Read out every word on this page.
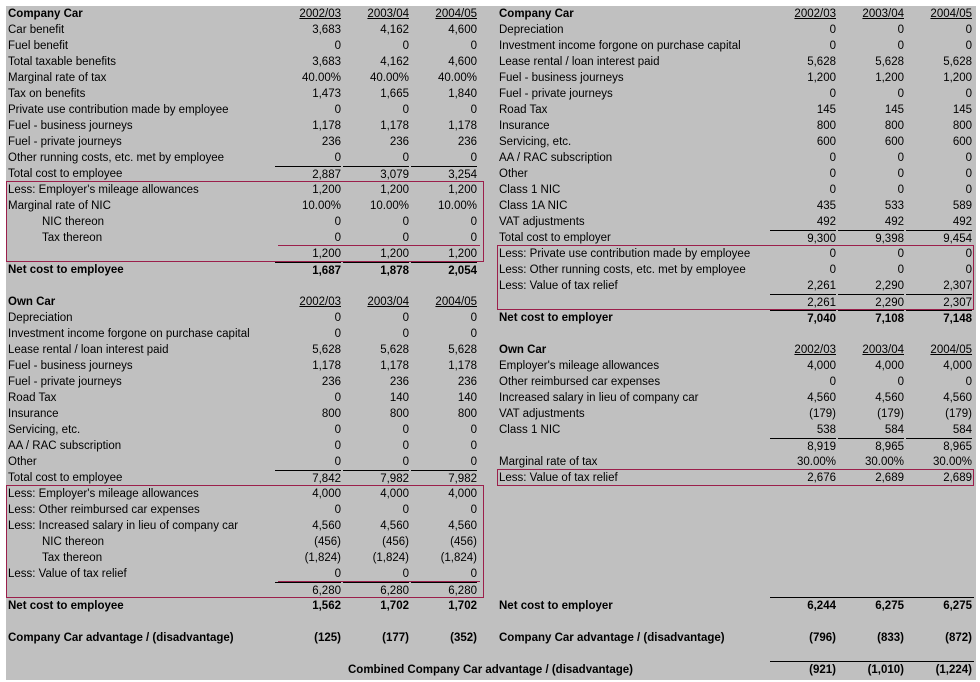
Company Car	2002/03	2003/04	2004/05
Car benefit	3,683	4,162	4,600
Fuel benefit	0	0	0
Total taxable benefits	3,683	4,162	4,600
Marginal rate of tax	40.00%	40.00%	40.00%
Tax on benefits	1,473	1,665	1,840
Private use contribution made by employee	0	0	0
Fuel - business journeys	1,178	1,178	1,178
Fuel - private journeys	236	236	236
Other running costs, etc. met by employee	0	0	0
Total cost to employee	2,887	3,079	3,254
Less: Employer's mileage allowances	1,200	1,200	1,200
Marginal rate of NIC	10.00%	10.00%	10.00%
NIC thereon	0	0	0
Tax thereon	0	0	0
1,200	1,200	1,200
Net cost to employee	1,687	1,878	2,054
Own Car	2002/03	2003/04	2004/05
Depreciation	0	0	0
Investment income forgone on purchase capital	0	0	0
Lease rental / loan interest paid	5,628	5,628	5,628
Fuel - business journeys	1,178	1,178	1,178
Fuel - private journeys	236	236	236
Road Tax	0	140	140
Insurance	800	800	800
Servicing, etc.	0	0	0
AA / RAC subscription	0	0	0
Other	0	0	0
Total cost to employee	7,842	7,982	7,982
Less: Employer's mileage allowances	4,000	4,000	4,000
Less: Other reimbursed car expenses	0	0	0
Less: Increased salary in lieu of company car	4,560	4,560	4,560
NIC thereon	(456)	(456)	(456)
Tax thereon	(1,824)	(1,824)	(1,824)
Less: Value of tax relief	0	0	0
6,280	6,280	6,280
Net cost to employee	1,562	1,702	1,702
Company Car advantage / (disadvantage)	(125)	(177)	(352)
Company Car	2002/03	2003/04	2004/05
Depreciation	0	0	0
Investment income forgone on purchase capital	0	0	0
Lease rental / loan interest paid	5,628	5,628	5,628
Fuel - business journeys	1,200	1,200	1,200
Fuel - private journeys	0	0	0
Road Tax	145	145	145
Insurance	800	800	800
Servicing, etc.	600	600	600
AA / RAC subscription	0	0	0
Other	0	0	0
Class 1 NIC	0	0	0
Class 1A NIC	435	533	589
VAT adjustments	492	492	492
Total cost to employer	9,300	9,398	9,454
Less: Private use contribution made by employee	0	0	0
Less: Other running costs, etc. met by employee	0	0	0
Less: Value of tax relief	2,261	2,290	2,307
2,261	2,290	2,307
Net cost to employer	7,040	7,108	7,148
Own Car	2002/03	2003/04	2004/05
Employer's mileage allowances	4,000	4,000	4,000
Other reimbursed car expenses	0	0	0
Increased salary in lieu of company car	4,560	4,560	4,560
VAT adjustments	(179)	(179)	(179)
Class 1 NIC	538	584	584
8,919	8,965	8,965
Marginal rate of tax	30.00%	30.00%	30.00%
Less: Value of tax relief	2,676	2,689	2,689
Net cost to employer	6,244	6,275	6,275
Company Car advantage / (disadvantage)	(796)	(833)	(872)
Combined Company Car advantage / (disadvantage)	(921)	(1,010)	(1,224)
